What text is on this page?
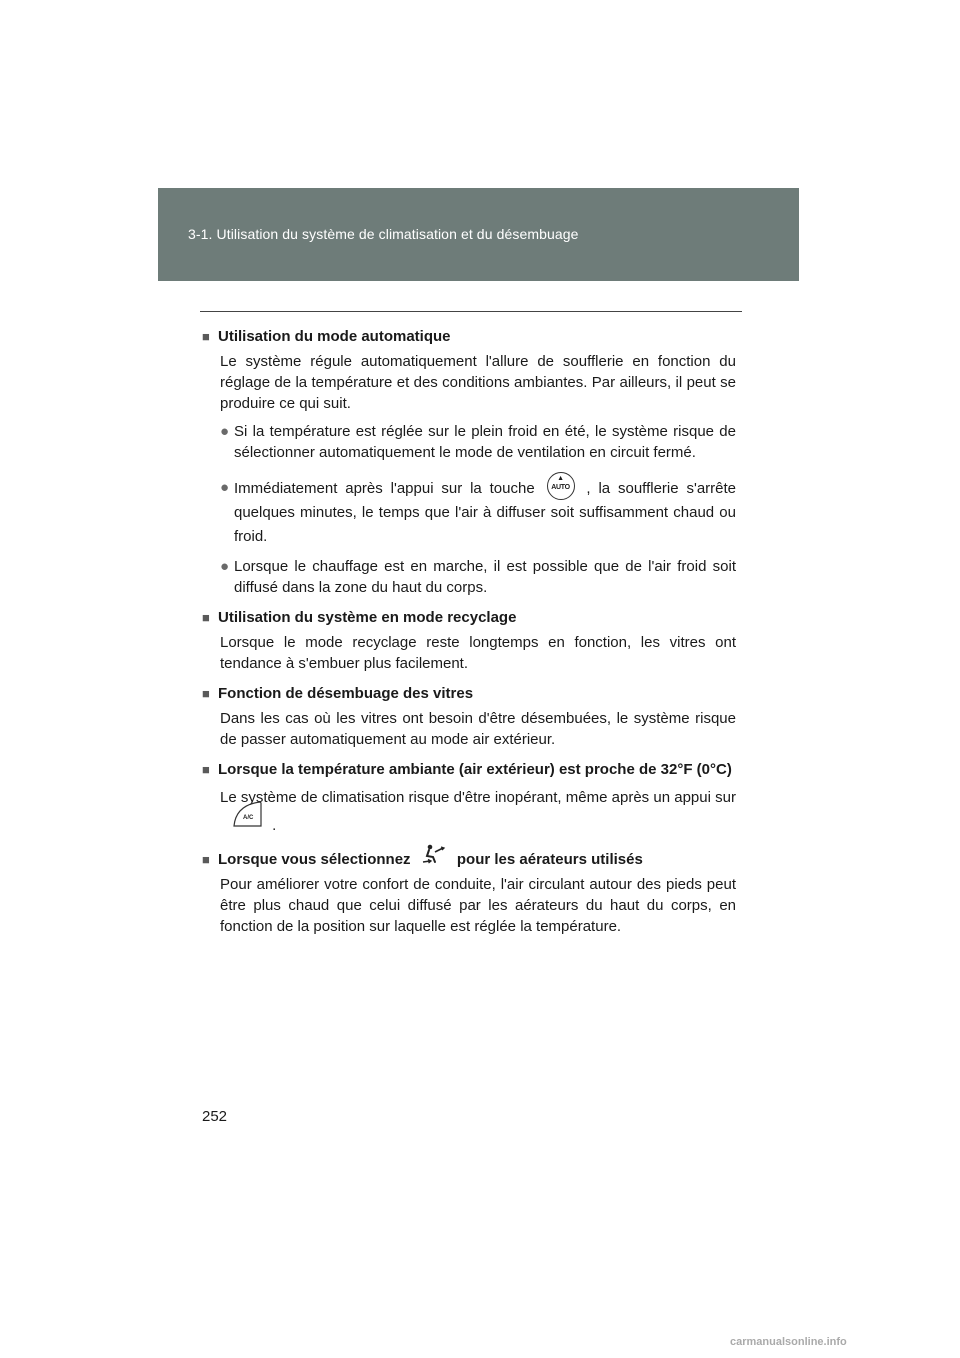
3-1. Utilisation du système de climatisation et du désembuage
■ Utilisation du mode automatique
Le système régule automatiquement l'allure de soufflerie en fonction du réglage de la température et des conditions ambiantes. Par ailleurs, il peut se produire ce qui suit.
● Si la température est réglée sur le plein froid en été, le système risque de sélectionner automatiquement le mode de ventilation en circuit fermé.
● Immédiatement après l'appui sur la touche
▲
AUTO , la soufflerie s'arrête quelques minutes, le temps que l'air à diffuser soit suffisamment chaud ou froid.
● Lorsque le chauffage est en marche, il est possible que de l'air froid soit diffusé dans la zone du haut du corps.
■ Utilisation du système en mode recyclage
Lorsque le mode recyclage reste longtemps en fonction, les vitres ont tendance à s'embuer plus facilement.
■ Fonction de désembuage des vitres
Dans les cas où les vitres ont besoin d'être désembuées, le système risque de passer automatiquement au mode air extérieur.
■ Lorsque la température ambiante (air extérieur) est proche de 32°F (0°C)
Le système de climatisation risque d'être inopérant, même après un appui sur
A/C .
■ Lorsque vous sélectionnez	pour les aérateurs utilisés
Pour améliorer votre confort de conduite, l'air circulant autour des pieds peut être plus chaud que celui diffusé par les aérateurs du haut du corps, en fonction de la position sur laquelle est réglée la température.
252
carmanualsonline.info
